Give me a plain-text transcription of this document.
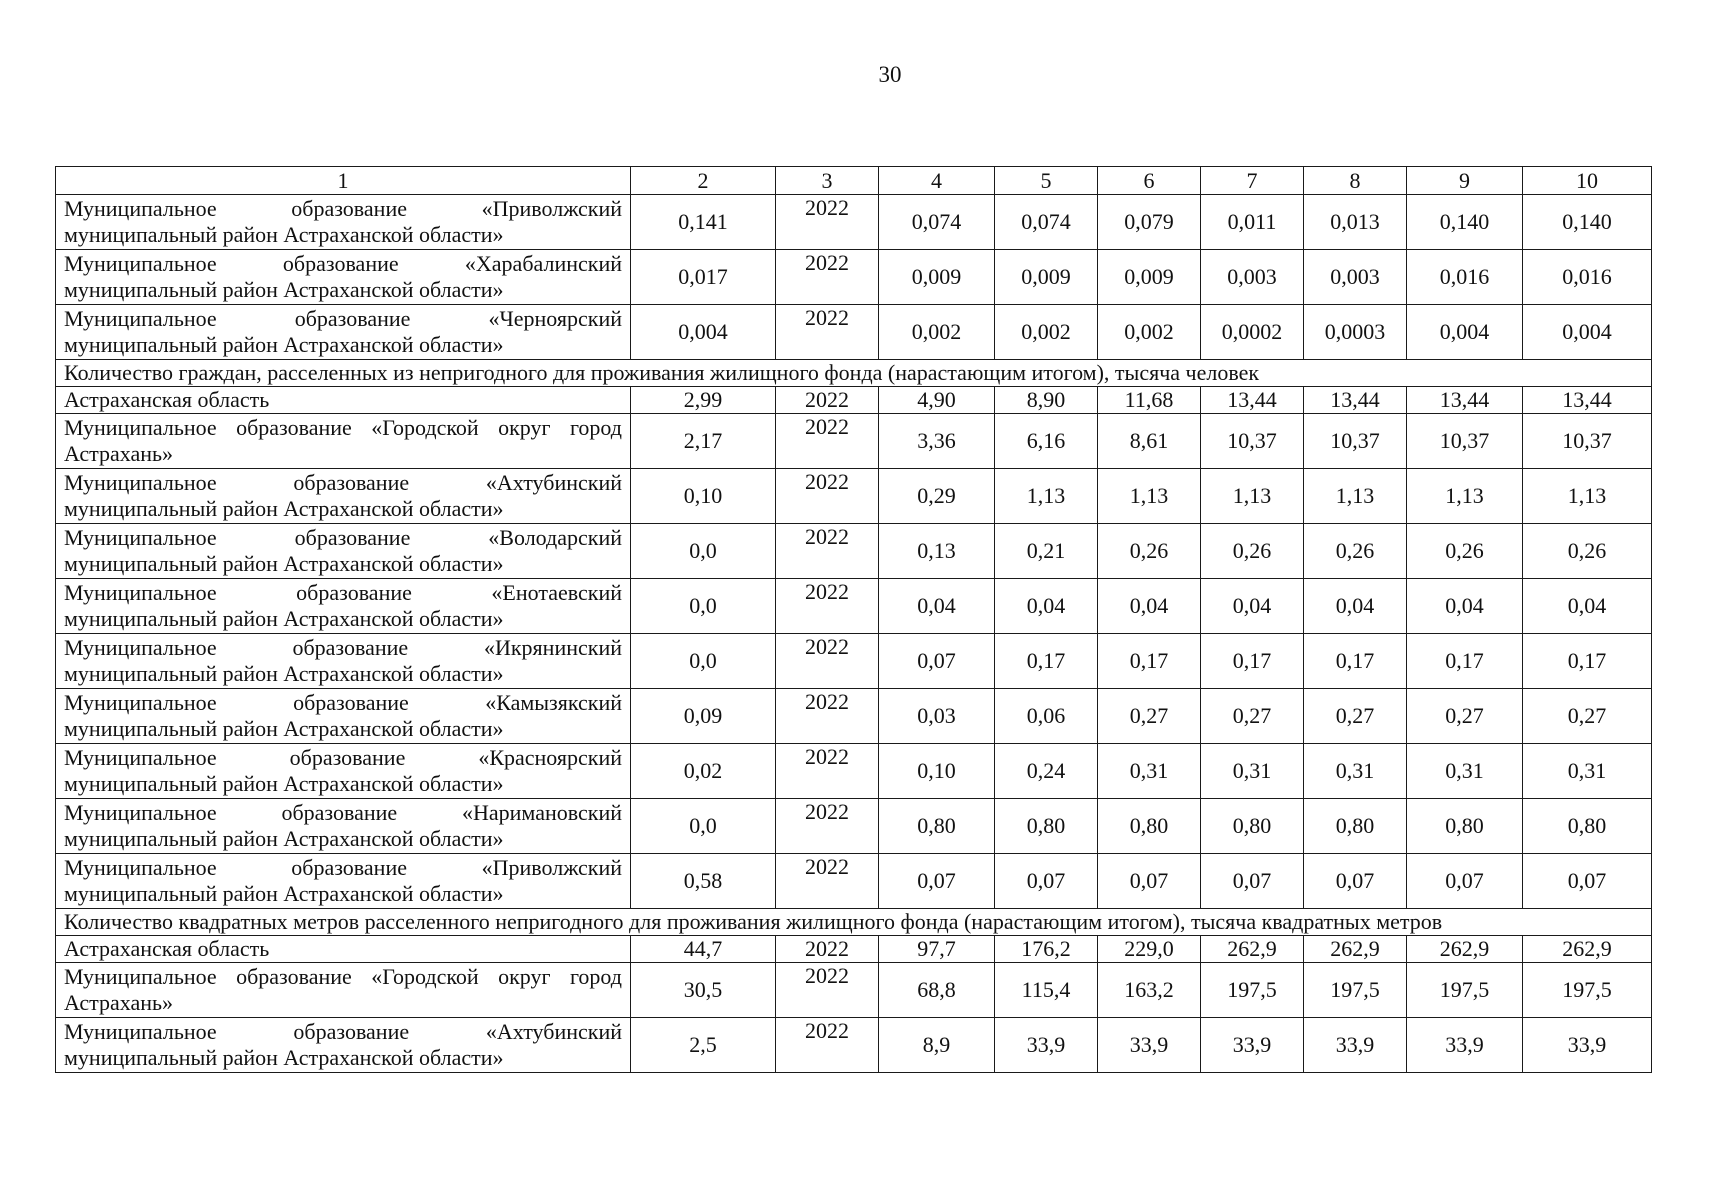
30
1	2	3	4	5	6	7	8	9	10
Муниципальное образование «Приволжский муниципальный район Астраханской области»	0,141	2022	0,074	0,074	0,079	0,011	0,013	0,140	0,140
Муниципальное образование «Харабалинский муниципальный район Астраханской области»	0,017	2022	0,009	0,009	0,009	0,003	0,003	0,016	0,016
Муниципальное образование «Черноярский муниципальный район Астраханской области»	0,004	2022	0,002	0,002	0,002	0,0002	0,0003	0,004	0,004
Количество граждан, расселенных из непригодного для проживания жилищного фонда (нарастающим итогом), тысяча человек									
Астраханская область	2,99	2022	4,90	8,90	11,68	13,44	13,44	13,44	13,44
Муниципальное образование «Городской округ город Астрахань»	2,17	2022	3,36	6,16	8,61	10,37	10,37	10,37	10,37
Муниципальное образование «Ахтубинский муниципальный район Астраханской области»	0,10	2022	0,29	1,13	1,13	1,13	1,13	1,13	1,13
Муниципальное образование «Володарский муниципальный район Астраханской области»	0,0	2022	0,13	0,21	0,26	0,26	0,26	0,26	0,26
Муниципальное образование «Енотаевский муниципальный район Астраханской области»	0,0	2022	0,04	0,04	0,04	0,04	0,04	0,04	0,04
Муниципальное образование «Икрянинский муниципальный район Астраханской области»	0,0	2022	0,07	0,17	0,17	0,17	0,17	0,17	0,17
Муниципальное образование «Камызякский муниципальный район Астраханской области»	0,09	2022	0,03	0,06	0,27	0,27	0,27	0,27	0,27
Муниципальное образование «Красноярский муниципальный район Астраханской области»	0,02	2022	0,10	0,24	0,31	0,31	0,31	0,31	0,31
Муниципальное образование «Наримановский муниципальный район Астраханской области»	0,0	2022	0,80	0,80	0,80	0,80	0,80	0,80	0,80
Муниципальное образование «Приволжский муниципальный район Астраханской области»	0,58	2022	0,07	0,07	0,07	0,07	0,07	0,07	0,07
Количество квадратных метров расселенного непригодного для проживания жилищного фонда (нарастающим итогом), тысяча квадратных метров									
Астраханская область	44,7	2022	97,7	176,2	229,0	262,9	262,9	262,9	262,9
Муниципальное образование «Городской округ город Астрахань»	30,5	2022	68,8	115,4	163,2	197,5	197,5	197,5	197,5
Муниципальное образование «Ахтубинский муниципальный район Астраханской области»	2,5	2022	8,9	33,9	33,9	33,9	33,9	33,9	33,9
